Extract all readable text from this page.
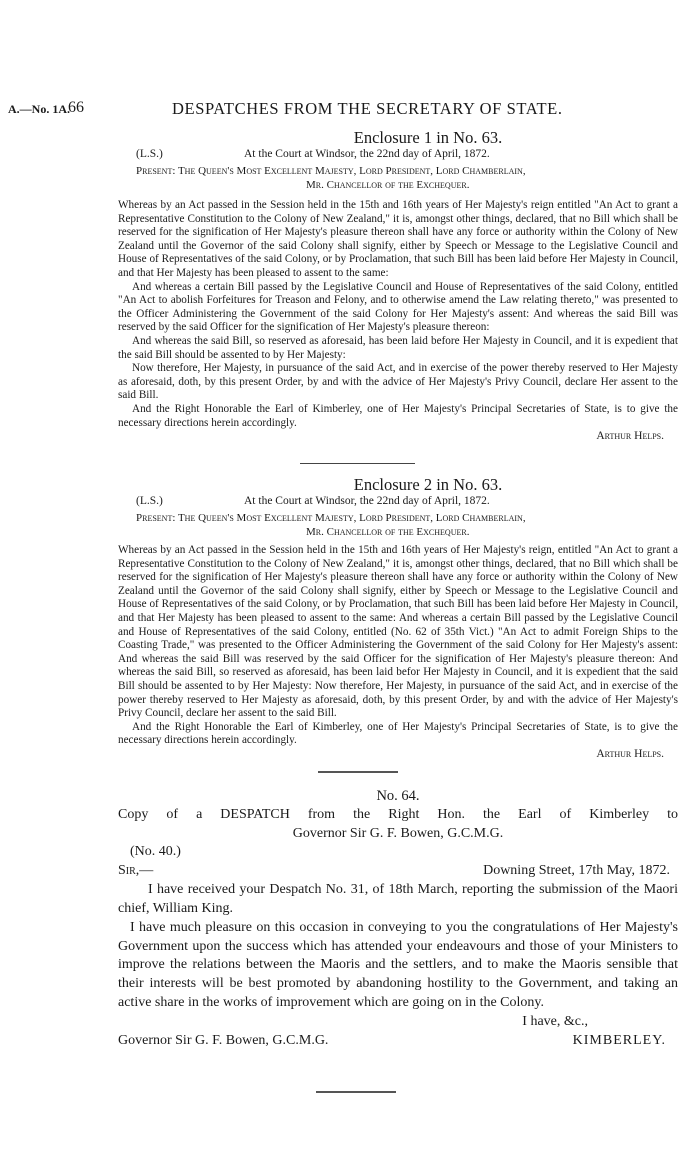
A.—No. 1A.
66	DESPATCHES FROM THE SECRETARY OF STATE.
Enclosure 1 in No. 63.
(L.S.)	At the Court at Windsor, the 22nd day of April, 1872.
Present: The Queen's Most Excellent Majesty, Lord President, Lord Chamberlain,
Mr. Chancellor of the Exchequer.

Whereas by an Act passed in the Session held in the 15th and 16th years of Her Majesty's reign entitled "An Act to grant a Representative Constitution to the Colony of New Zealand," it is, amongst other things, declared, that no Bill which shall be reserved for the signification of Her Majesty's pleasure thereon shall have any force or authority within the Colony of New Zealand until the Governor of the said Colony shall signify, either by Speech or Message to the Legislative Council and House of Representatives of the said Colony, or by Proclamation, that such Bill has been laid before Her Majesty in Council, and that Her Majesty has been pleased to assent to the same:

And whereas a certain Bill passed by the Legislative Council and House of Representatives of the said Colony, entitled "An Act to abolish Forfeitures for Treason and Felony, and to otherwise amend the Law relating thereto," was presented to the Officer Administering the Government of the said Colony for Her Majesty's assent: And whereas the said Bill was reserved by the said Officer for the signification of Her Majesty's pleasure thereon:

And whereas the said Bill, so reserved as aforesaid, has been laid before Her Majesty in Council, and it is expedient that the said Bill should be assented to by Her Majesty:

Now therefore, Her Majesty, in pursuance of the said Act, and in exercise of the power thereby reserved to Her Majesty as aforesaid, doth, by this present Order, by and with the advice of Her Majesty's Privy Council, declare Her assent to the said Bill.

And the Right Honorable the Earl of Kimberley, one of Her Majesty's Principal Secretaries of State, is to give the necessary directions herein accordingly.

Arthur Helps.
Enclosure 2 in No. 63.
(L.S.)	At the Court at Windsor, the 22nd day of April, 1872.
Present: The Queen's Most Excellent Majesty, Lord President, Lord Chamberlain,
Mr. Chancellor of the Exchequer.

Whereas by an Act passed in the Session held in the 15th and 16th years of Her Majesty's reign, entitled "An Act to grant a Representative Constitution to the Colony of New Zealand," it is, amongst other things, declared, that no Bill which shall be reserved for the signification of Her Majesty's pleasure thereon shall have any force or authority within the Colony of New Zealand until the Governor of the said Colony shall signify, either by Speech or Message to the Legislative Council and House of Representatives of the said Colony, or by Proclamation, that such Bill has been laid before Her Majesty in Council, and that Her Majesty has been pleased to assent to the same: And whereas a certain Bill passed by the Legislative Council and House of Representatives of the said Colony, entitled (No. 62 of 35th Vict.) "An Act to admit Foreign Ships to the Coasting Trade," was presented to the Officer Administering the Government of the said Colony for Her Majesty's assent: And whereas the said Bill was reserved by the said Officer for the signification of Her Majesty's pleasure thereon: And whereas the said Bill, so reserved as aforesaid, has been laid befor Her Majesty in Council, and it is expedient that the said Bill should be assented to by Her Majesty: Now therefore, Her Majesty, in pursuance of the said Act, and in exercise of the power thereby reserved to Her Majesty as aforesaid, doth, by this present Order, by and with the advice of Her Majesty's Privy Council, declare her assent to the said Bill.

And the Right Honorable the Earl of Kimberley, one of Her Majesty's Principal Secretaries of State, is to give the necessary directions herein accordingly.

Arthur Helps.
No. 64.
Copy of a DESPATCH from the Right Hon. the Earl of Kimberley to
Governor Sir G. F. Bowen, G.C.M.G.
(No. 40.)
Sir,—	Downing Street, 17th May, 1872.

I have received your Despatch No. 31, of 18th March, reporting the submission of the Maori chief, William King.

I have much pleasure on this occasion in conveying to you the congratulations of Her Majesty's Government upon the success which has attended your endeavours and those of your Ministers to improve the relations between the Maoris and the settlers, and to make the Maoris sensible that their interests will be best promoted by abandoning hostility to the Government, and taking an active share in the works of improvement which are going on in the Colony.

I have, &c.,
Governor Sir G. F. Bowen, G.C.M.G.	KIMBERLEY.
